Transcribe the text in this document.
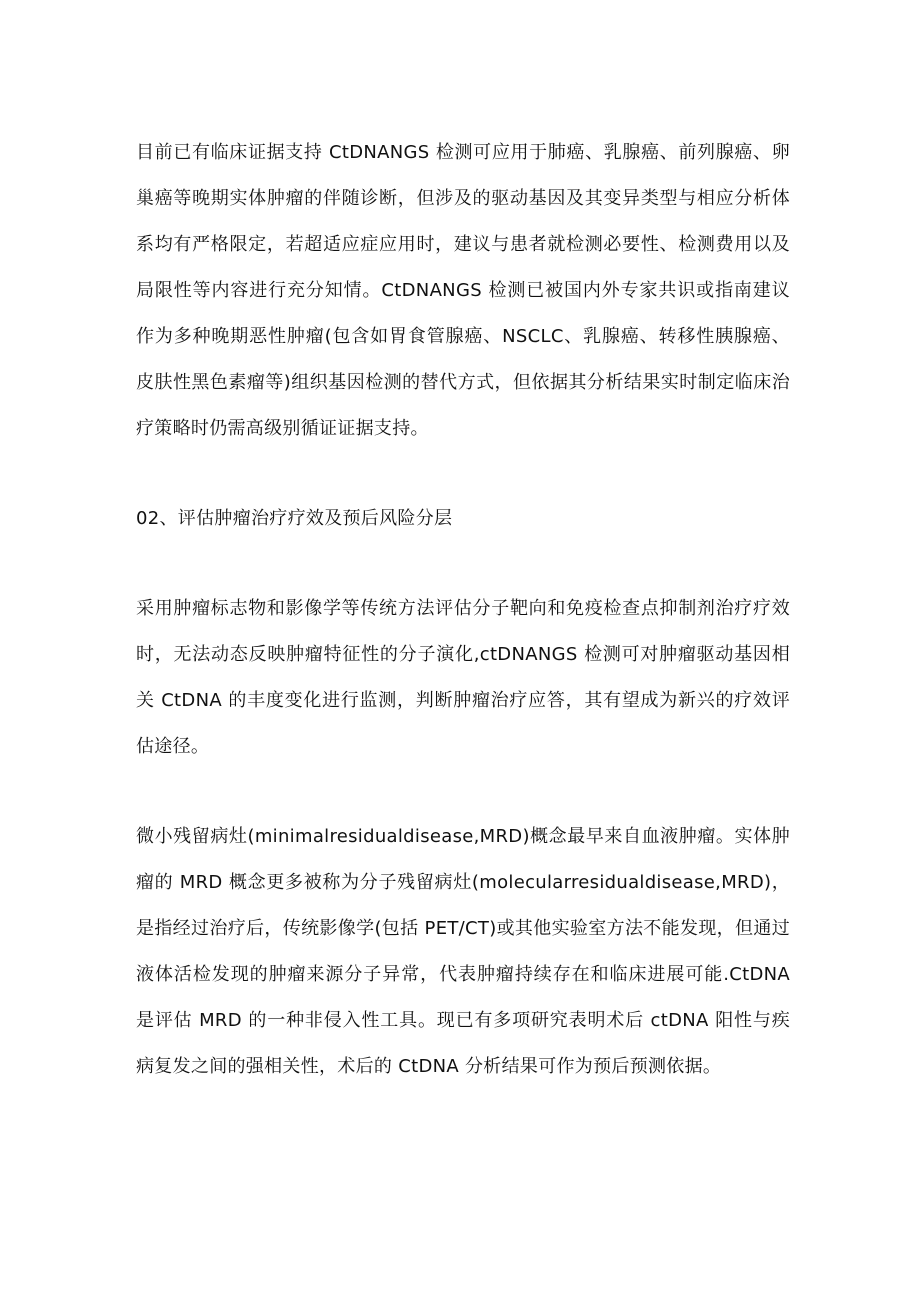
目前已有临床证据支持 CtDNANGS 检测可应用于肺癌、乳腺癌、前列腺癌、卵巢癌等晚期实体肿瘤的伴随诊断，但涉及的驱动基因及其变异类型与相应分析体系均有严格限定，若超适应症应用时，建议与患者就检测必要性、检测费用以及局限性等内容进行充分知情。CtDNANGS 检测已被国内外专家共识或指南建议作为多种晚期恶性肿瘤(包含如胃食管腺癌、NSCLC、乳腺癌、转移性胰腺癌、皮肤性黑色素瘤等)组织基因检测的替代方式，但依据其分析结果实时制定临床治疗策略时仍需高级别循证证据支持。

02、评估肿瘤治疗疗效及预后风险分层

采用肿瘤标志物和影像学等传统方法评估分子靶向和免疫检查点抑制剂治疗疗效时，无法动态反映肿瘤特征性的分子演化,ctDNANGS 检测可对肿瘤驱动基因相关 CtDNA 的丰度变化进行监测，判断肿瘤治疗应答，其有望成为新兴的疗效评估途径。

微小残留病灶(minimalresidualdisease,MRD)概念最早来自血液肿瘤。实体肿瘤的 MRD 概念更多被称为分子残留病灶(molecularresidualdisease,MRD)，是指经过治疗后，传统影像学(包括 PET/CT)或其他实验室方法不能发现，但通过液体活检发现的肿瘤来源分子异常，代表肿瘤持续存在和临床进展可能.CtDNA 是评估 MRD 的一种非侵入性工具。现已有多项研究表明术后 ctDNA 阳性与疾病复发之间的强相关性，术后的 CtDNA 分析结果可作为预后预测依据。
